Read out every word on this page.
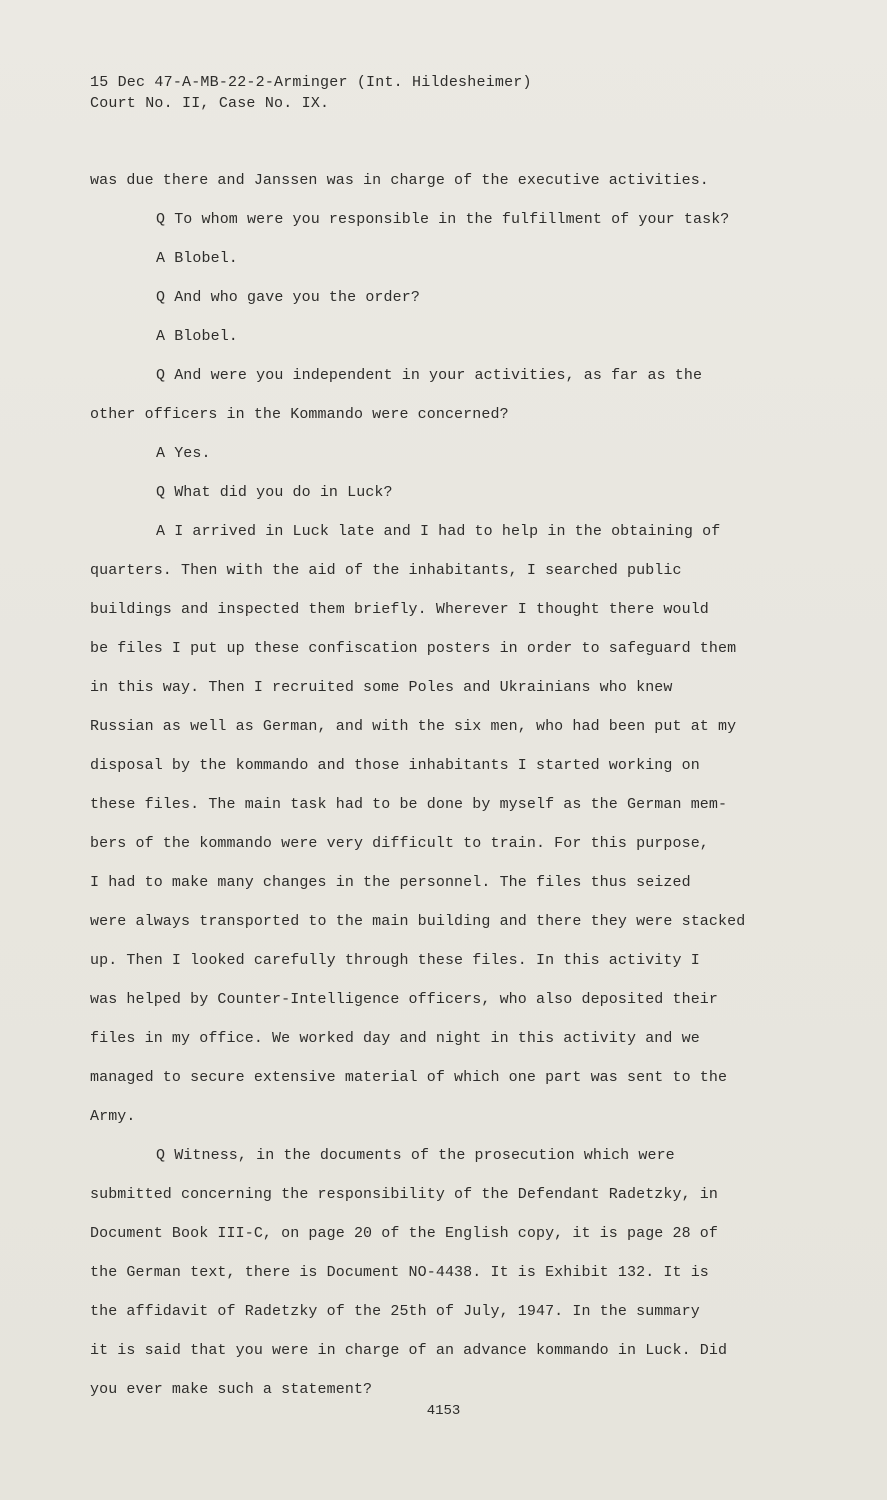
15 Dec 47-A-MB-22-2-Arminger (Int. Hildesheimer)
Court No. II, Case No. IX.
was due there and Janssen was in charge of the executive activities.
Q To whom were you responsible in the fulfillment of your task?
A Blobel.
Q And who gave you the order?
A Blobel.
Q And were you independent in your activities, as far as the
other officers in the Kommando were concerned?
A Yes.
Q What did you do in Luck?
A I arrived in Luck late and I had to help in the obtaining of
quarters. Then with the aid of the inhabitants, I searched public
buildings and inspected them briefly. Wherever I thought there would
be files I put up these confiscation posters in order to safeguard them
in this way. Then I recruited some Poles and Ukrainians who knew
Russian as well as German, and with the six men, who had been put at my
disposal by the kommando and those inhabitants I started working on
these files. The main task had to be done by myself as the German mem-
bers of the kommando were very difficult to train. For this purpose,
I had to make many changes in the personnel. The files thus seized
were always transported to the main building and there they were stacked
up. Then I looked carefully through these files. In this activity I
was helped by Counter-Intelligence officers, who also deposited their
files in my office. We worked day and night in this activity and we
managed to secure extensive material of which one part was sent to the
Army.
Q Witness, in the documents of the prosecution which were
submitted concerning the responsibility of the Defendant Radetzky, in
Document Book III-C, on page 20 of the English copy, it is page 28 of
the German text, there is Document NO-4438. It is Exhibit 132. It is
the affidavit of Radetzky of the 25th of July, 1947. In the summary
it is said that you were in charge of an advance kommando in Luck. Did
you ever make such a statement?
4153
